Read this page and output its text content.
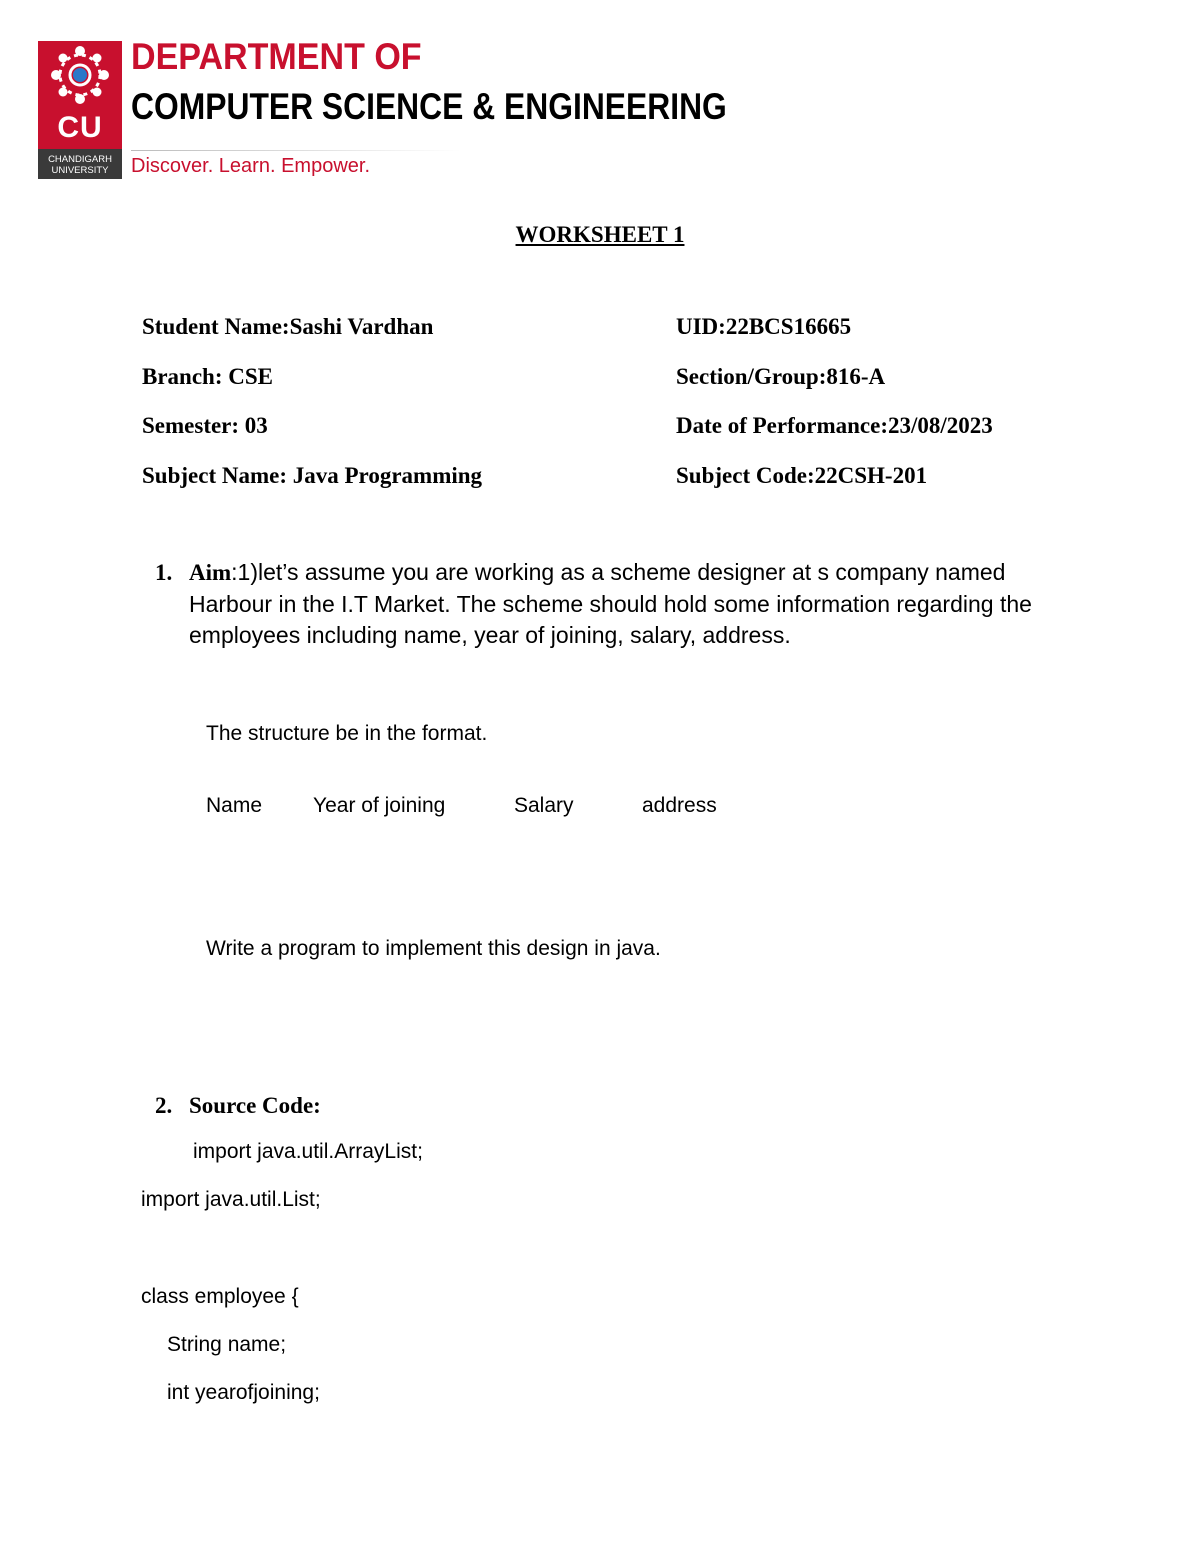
CU
CHANDIGARH
UNIVERSITY
DEPARTMENT OF
COMPUTER SCIENCE & ENGINEERING
Discover. Learn. Empower.
WORKSHEET 1
Student Name:Sashi Vardhan
Branch: CSE
Semester: 03
Subject Name: Java Programming
UID:22BCS16665
Section/Group:816-A
Date of Performance:23/08/2023
Subject Code:22CSH-201
1. Aim:1)let’s assume you are working as a scheme designer at s company named Harbour in the I.T Market. The scheme should hold some information regarding the employees including name, year of joining, salary, address.
The structure be in the format.
Name Year of joining	Salary	address
Write a program to implement this design in java.
2. Source Code:
import java.util.ArrayList;
import java.util.List;
class employee {
String name;
int yearofjoining;
